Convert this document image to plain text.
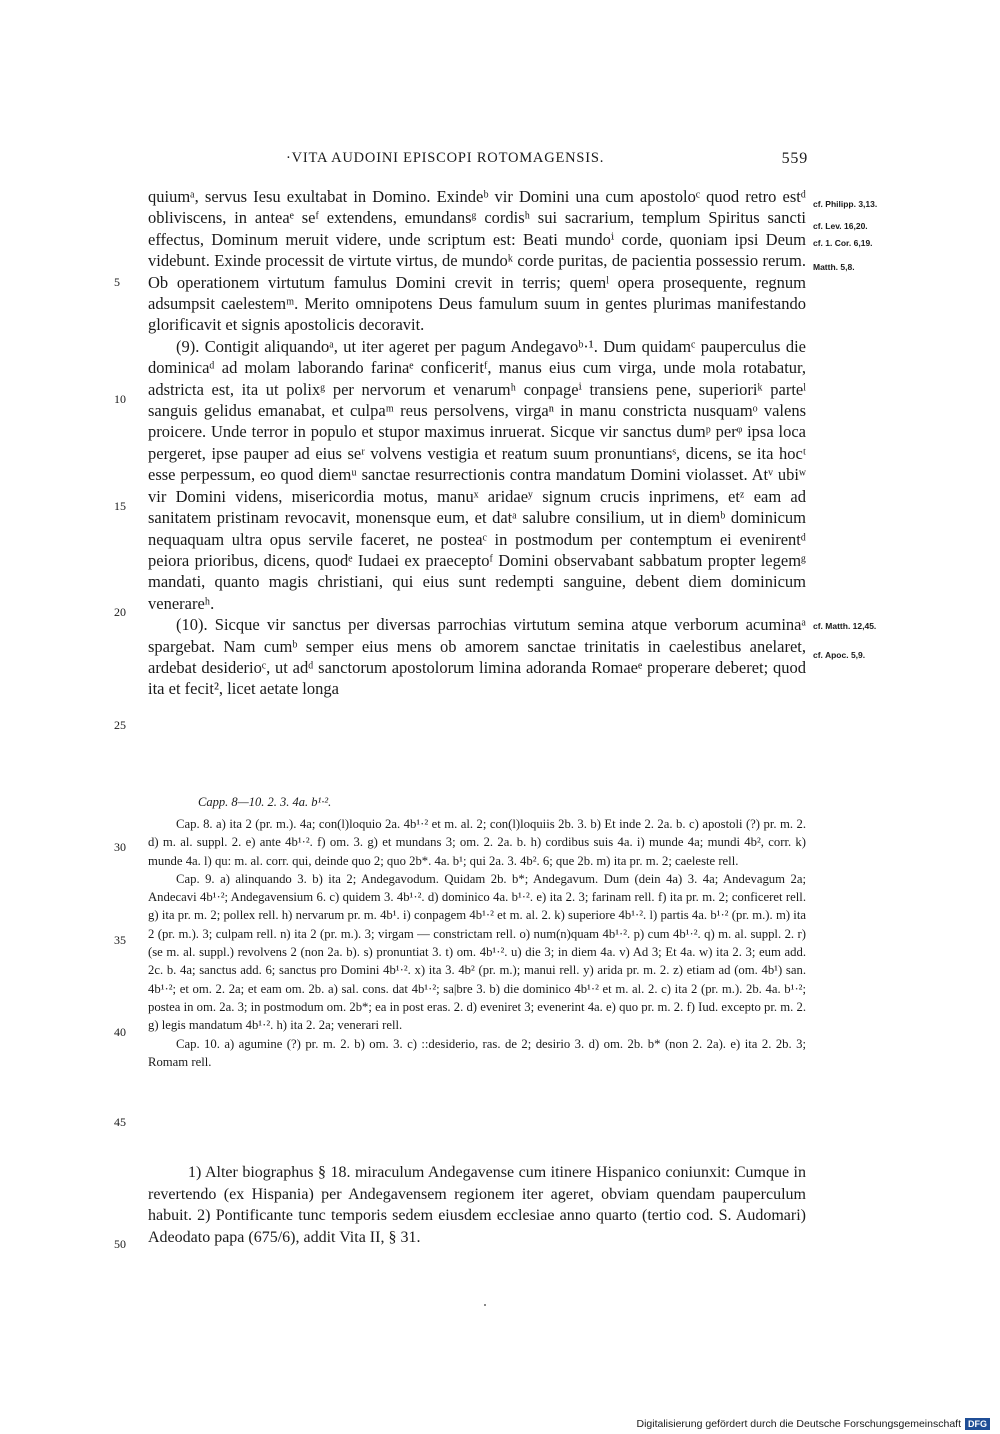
·VITA AUDOINI EPISCOPI ROTOMAGENSIS.	559

quiumᵃ, servus Iesu exultabat in Domino. Exindeᵇ vir Domini una cum apostoloᶜ quod retro estᵈ obliviscens, in anteaᵉ seᶠ extendens, emundansᵍ cordisʰ sui sacrarium, templum Spiritus sancti effectus, Dominum meruit videre, unde scriptum est: Beati mundoⁱ corde, quoniam ipsi Deum videbunt. Exinde processit de virtute virtus, de mundoᵏ corde puritas, de pacientia possessio rerum. Ob operationem virtutum famulus Domini crevit in terris; quemˡ opera prosequente, regnum adsumpsit caelestemᵐ. Merito omnipotens Deus famulum suum in gentes plurimas manifestando glorificavit et signis apostolicis decoravit.

(9). Contigit aliquandoᵃ, ut iter ageret per pagum Andegavoᵇ·¹. Dum quidamᶜ pauperculus die dominicaᵈ ad molam laborando farinaᵉ conficeritᶠ, manus eius cum virga, unde mola rotabatur, adstricta est, ita ut polixᵍ per nervorum et venarumʰ conpageⁱ transiens pene, superioriᵏ parteˡ sanguis gelidus emanabat, et culpaᵐ reus persolvens, virgaⁿ in manu constricta nusquamᵒ valens proicere. Unde terror in populo et stupor maximus inruerat. Sicque vir sanctus dumᵖ perᵠ ipsa loca pergeret, ipse pauper ad eius seʳ volvens vestigia et reatum suum pronuntiansˢ, dicens, se ita hocᵗ esse perpessum, eo quod diemᵘ sanctae resurrectionis contra mandatum Domini violasset. Atᵛ ubiʷ vir Domini videns, misericordia motus, manuˣ aridaeʸ signum crucis inprimens, etᶻ eam ad sanitatem pristinam revocavit, monensque eum, et datᵃ salubre consilium, ut in diemᵇ dominicum nequaquam ultra opus servile faceret, ne posteaᶜ in postmodum per contemptum ei evenirentᵈ peiora prioribus, dicens, quodᵉ Iudaei ex praeceptoᶠ Domini observabant sabbatum propter legemᵍ mandati, quanto magis christiani, qui eius sunt redempti sanguine, debent diem dominicum venerareʰ.

(10). Sicque vir sanctus per diversas parrochias virtutum semina atque verborum acuminaᵃ spargebat. Nam cumᵇ semper eius mens ob amorem sanctae trinitatis in caelestibus anelaret, ardebat desiderioᶜ, ut adᵈ sanctorum apostolorum limina adoranda Romaeᵉ properare deberet; quod ita et fecit², licet aetate longa

5
10
15
20
25
30
35
40
45
50
cf. Philipp. 3,13.
cf. Lev. 16,20.
cf. 1. Cor. 6,19.
Matth. 5,8.
cf. Matth. 12,45.
cf. Apoc. 5,9.
Capp. 8—10. 2. 3. 4a. b¹·².

Cap. 8. a) ita 2 (pr. m.). 4a; con(l)loquio 2a. 4b¹·² et m. al. 2; con(l)loquiis 2b. 3. b) Et inde 2. 2a. b. c) apostoli (?) pr. m. 2. d) m. al. suppl. 2. e) ante 4b¹·². f) om. 3. g) et mundans 3; om. 2. 2a. b. h) cordibus suis 4a. i) munde 4a; mundi 4b², corr. k) munde 4a. l) qu: m. al. corr. qui, deinde quo 2; quo 2b*. 4a. b¹; qui 2a. 3. 4b². 6; que 2b. m) ita pr. m. 2; caeleste rell.

Cap. 9. a) alinquando 3. b) ita 2; Andegavodum. Quidam 2b. b*; Andegavum. Dum (dein 4a) 3. 4a; Andevagum 2a; Andecavi 4b¹·²; Andegavensium 6. c) quidem 3. 4b¹·². d) dominico 4a. b¹·². e) ita 2. 3; farinam rell. f) ita pr. m. 2; conficeret rell. g) ita pr. m. 2; pollex rell. h) nervarum pr. m. 4b¹. i) conpagem 4b¹·² et m. al. 2. k) superiore 4b¹·². l) partis 4a. b¹·² (pr. m.). m) ita 2 (pr. m.). 3; culpam rell. n) ita 2 (pr. m.). 3; virgam — constrictam rell. o) num(n)quam 4b¹·². p) cum 4b¹·². q) m. al. suppl. 2. r) (se m. al. suppl.) revolvens 2 (non 2a. b). s) pronuntiat 3. t) om. 4b¹·². u) die 3; in diem 4a. v) Ad 3; Et 4a. w) ita 2. 3; eum add. 2c. b. 4a; sanctus add. 6; sanctus pro Domini 4b¹·². x) ita 3. 4b² (pr. m.); manui rell. y) arida pr. m. 2. z) etiam ad (om. 4b¹) san. 4b¹·²; et om. 2. 2a; et eam om. 2b. a) sal. cons. dat 4b¹·²; sa|bre 3. b) die dominico 4b¹·² et m. al. 2. c) ita 2 (pr. m.). 2b. 4a. b¹·²; postea in om. 2a. 3; in postmodum om. 2b*; ea in post eras. 2. d) eveniret 3; evenerint 4a. e) quo pr. m. 2. f) Iud. excepto pr. m. 2. g) legis mandatum 4b¹·². h) ita 2. 2a; venerari rell.

Cap. 10. a) agumine (?) pr. m. 2. b) om. 3. c) ::desiderio, ras. de 2; desirio 3. d) om. 2b. b* (non 2. 2a). e) ita 2. 2b. 3; Romam rell.

1) Alter biographus § 18. miraculum Andegavense cum itinere Hispanico coniunxit: Cumque in revertendo (ex Hispania) per Andegavensem regionem iter ageret, obviam quendam pauperculum habuit. 2) Pontificante tunc temporis sedem eiusdem ecclesiae anno quarto (tertio cod. S. Audomari) Adeodato papa (675/6), addit Vita II, § 31.

Digitalisierung gefördert durch die Deutsche Forschungsgemeinschaft DFG
